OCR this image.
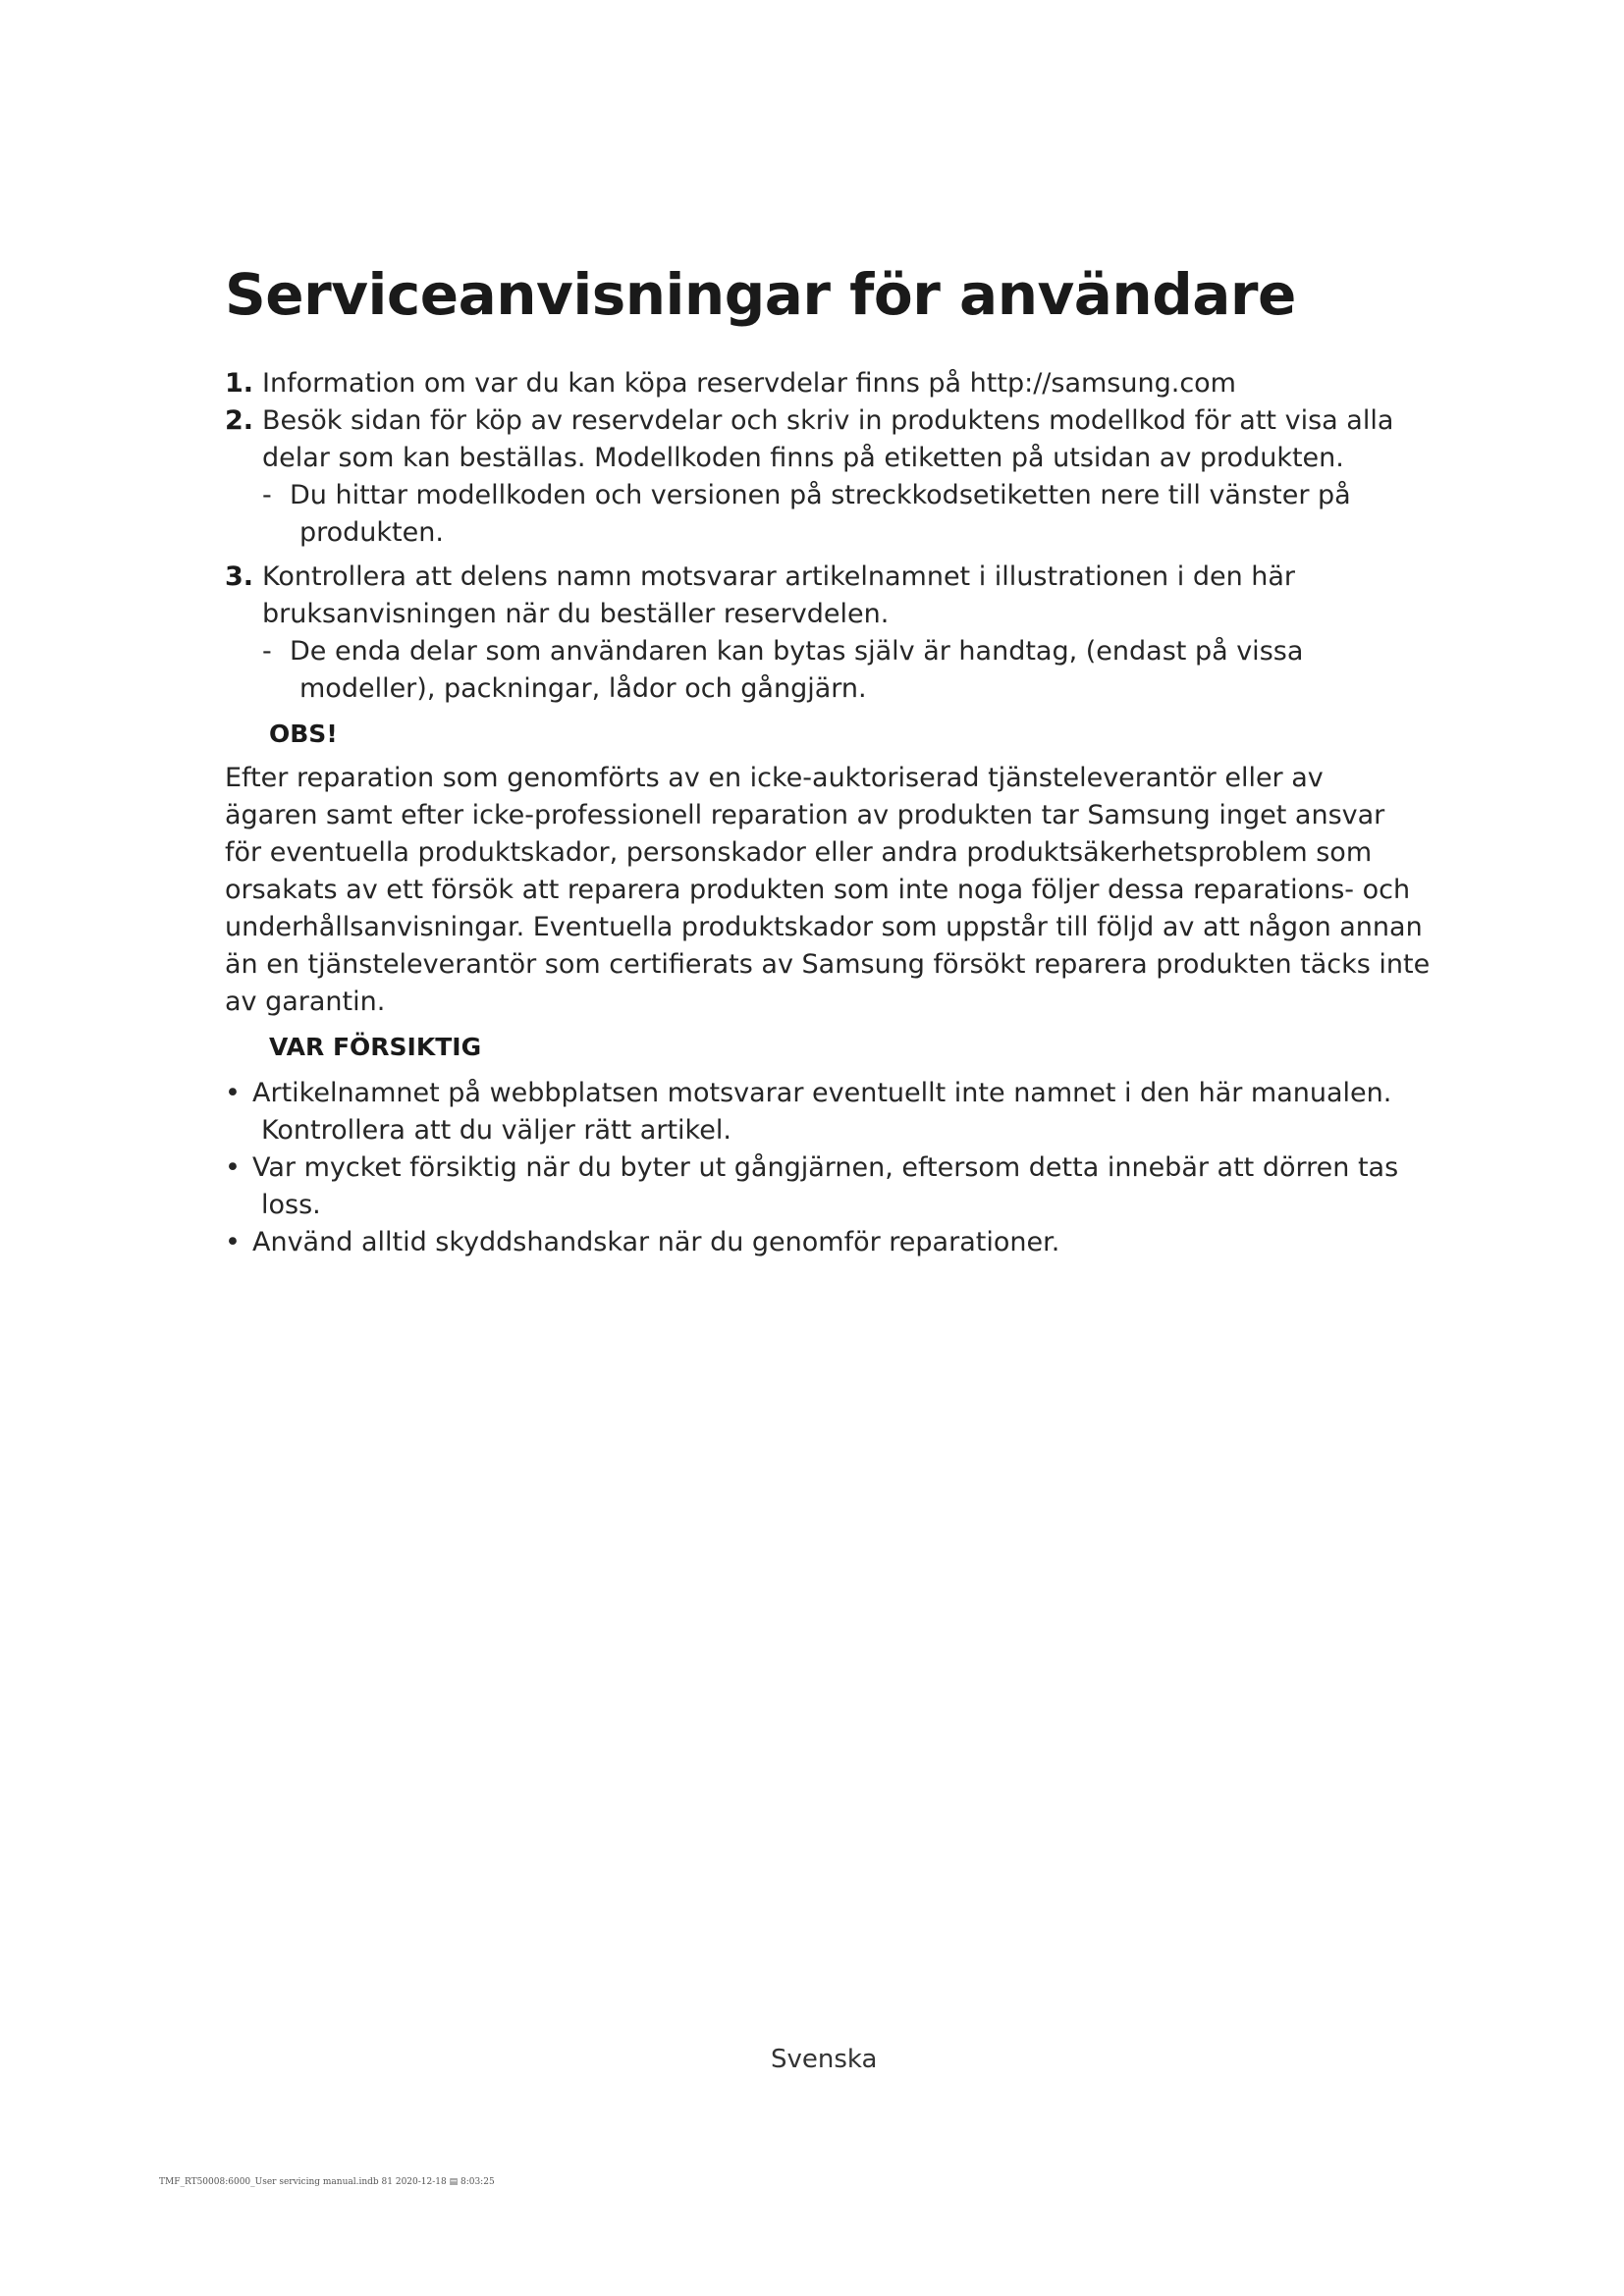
Serviceanvisningar för användare
1. Information om var du kan köpa reservdelar finns på http://samsung.com
2. Besök sidan för köp av reservdelar och skriv in produktens modellkod för att visa alla
delar som kan beställas. Modellkoden finns på etiketten på utsidan av produkten.
- Du hittar modellkoden och versionen på streckkodsetiketten nere till vänster på
produkten.
3. Kontrollera att delens namn motsvarar artikelnamnet i illustrationen i den här
bruksanvisningen när du beställer reservdelen.
- De enda delar som användaren kan bytas själv är handtag, (endast på vissa
modeller), packningar, lådor och gångjärn.
OBS!
Efter reparation som genomförts av en icke-auktoriserad tjänsteleverantör eller av
ägaren samt efter icke-professionell reparation av produkten tar Samsung inget ansvar
för eventuella produktskador, personskador eller andra produktsäkerhetsproblem som
orsakats av ett försök att reparera produkten som inte noga följer dessa reparations- och
underhållsanvisningar. Eventuella produktskador som uppstår till följd av att någon annan
än en tjänsteleverantör som certifierats av Samsung försökt reparera produkten täcks inte
av garantin.
VAR FÖRSIKTIG
• Artikelnamnet på webbplatsen motsvarar eventuellt inte namnet i den här manualen.
Kontrollera att du väljer rätt artikel.
• Var mycket försiktig när du byter ut gångjärnen, eftersom detta innebär att dörren tas
loss.
• Använd alltid skyddshandskar när du genomför reparationer.
Svenska
TMF_RT50008:6000_User servicing manual.indb 81 2020-12-18 ▤ 8:03:25
